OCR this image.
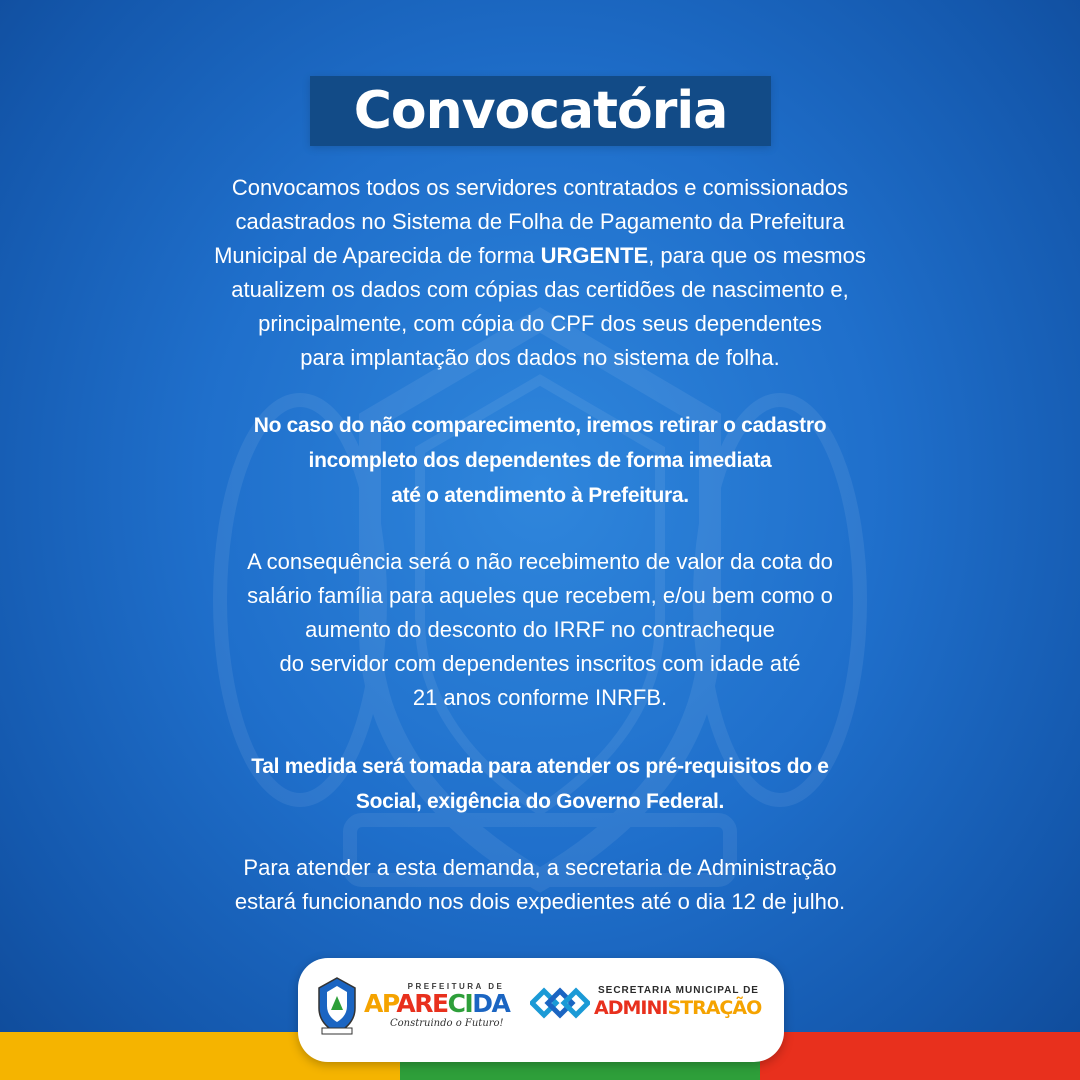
Convocatória
Convocamos todos os servidores contratados e comissionados
cadastrados no Sistema de Folha de Pagamento da Prefeitura
Municipal de Aparecida de forma URGENTE, para que os mesmos
atualizem os dados com cópias das certidões de nascimento e,
principalmente, com cópia do CPF dos seus dependentes
para implantação dos dados no sistema de folha.
No caso do não comparecimento, iremos retirar o cadastro
incompleto dos dependentes de forma imediata
até o atendimento à Prefeitura.
A consequência será o não recebimento de valor da cota do
salário família para aqueles que recebem, e/ou bem como o
aumento do desconto do IRRF no contracheque
do servidor com dependentes inscritos com idade até
21 anos conforme INRFB.
Tal medida será tomada para atender os pré-requisitos do e
Social, exigência do Governo Federal.
Para atender a esta demanda, a secretaria de Administração
estará funcionando nos dois expedientes até o dia 12 de julho.
PREFEITURA DE
APARECIDA
Construindo o Futuro!
SECRETARIA MUNICIPAL DE
ADMINISTRAÇÃO
